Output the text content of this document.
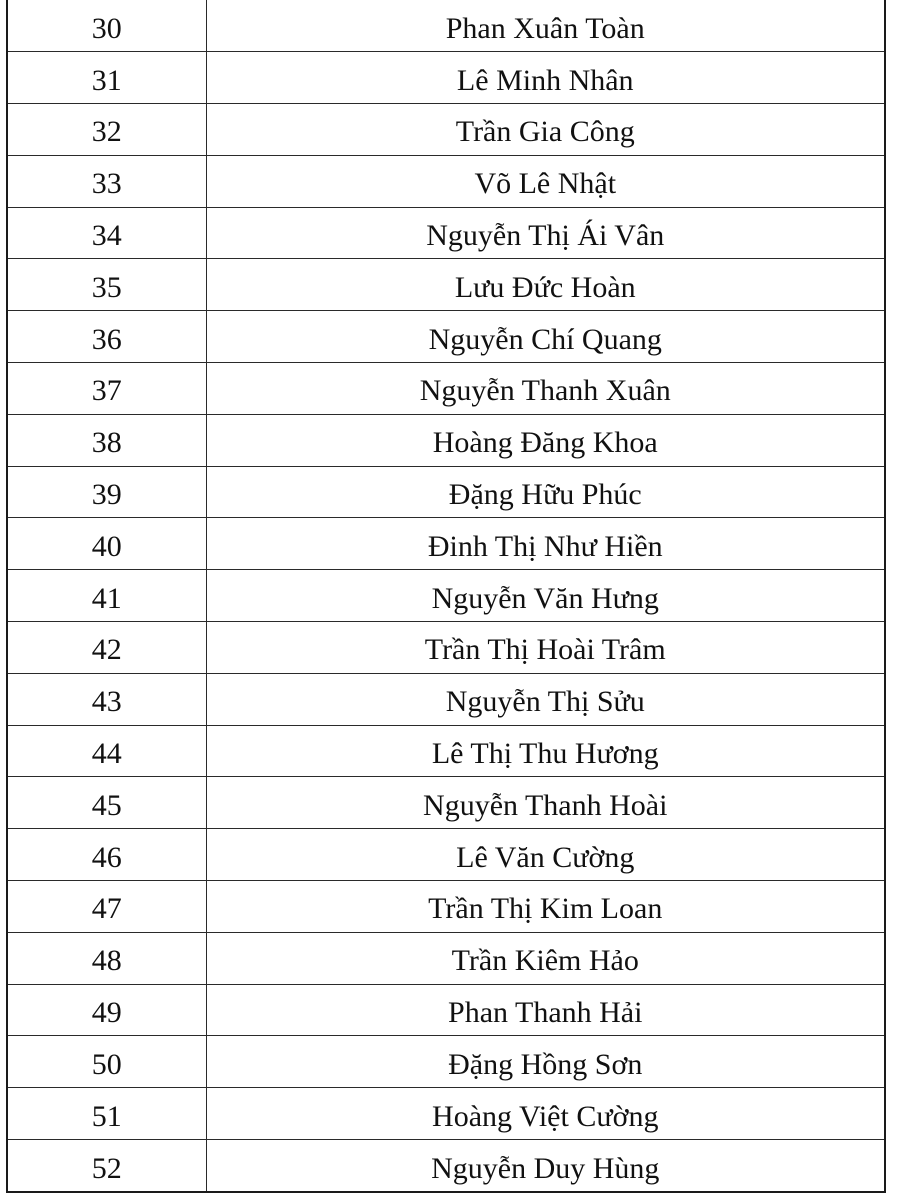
30	Phan Xuân Toàn
31	Lê Minh Nhân
32	Trần Gia Công
33	Võ Lê Nhật
34	Nguyễn Thị Ái Vân
35	Lưu Đức Hoàn
36	Nguyễn Chí Quang
37	Nguyễn Thanh Xuân
38	Hoàng Đăng Khoa
39	Đặng Hữu Phúc
40	Đinh Thị Như Hiền
41	Nguyễn Văn Hưng
42	Trần Thị Hoài Trâm
43	Nguyễn Thị Sửu
44	Lê Thị Thu Hương
45	Nguyễn Thanh Hoài
46	Lê Văn Cường
47	Trần Thị Kim Loan
48	Trần Kiêm Hảo
49	Phan Thanh Hải
50	Đặng Hồng Sơn
51	Hoàng Việt Cường
52	Nguyễn Duy Hùng
